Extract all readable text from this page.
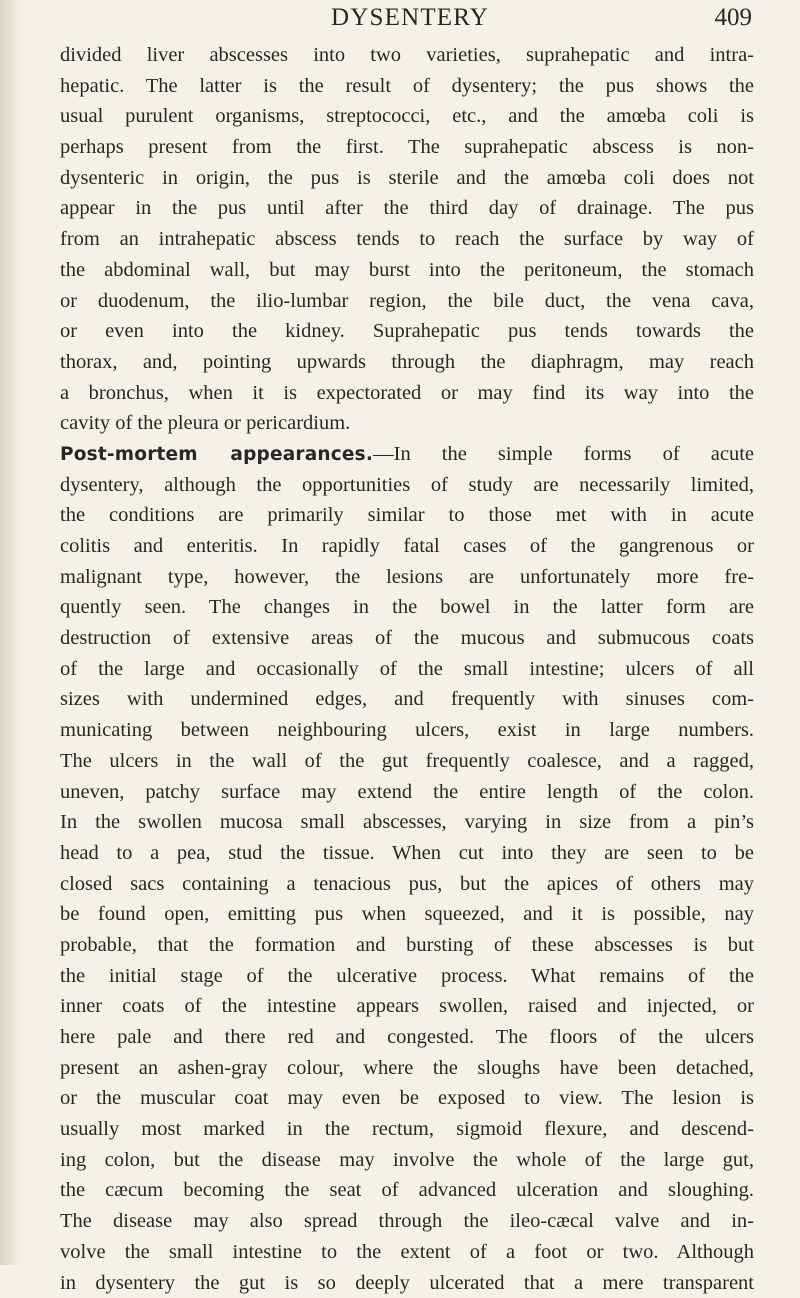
DYSENTERY	409
divided liver abscesses into two varieties, suprahepatic and intra-
hepatic. The latter is the result of dysentery; the pus shows the
usual purulent organisms, streptococci, etc., and the amœba coli is
perhaps present from the first. The suprahepatic abscess is non-
dysenteric in origin, the pus is sterile and the amœba coli does not
appear in the pus until after the third day of drainage. The pus
from an intrahepatic abscess tends to reach the surface by way of
the abdominal wall, but may burst into the peritoneum, the stomach
or duodenum, the ilio-lumbar region, the bile duct, the vena cava,
or even into the kidney. Suprahepatic pus tends towards the
thorax, and, pointing upwards through the diaphragm, may reach
a bronchus, when it is expectorated or may find its way into the
cavity of the pleura or pericardium.
Post-mortem appearances.—In the simple forms of acute
dysentery, although the opportunities of study are necessarily limited,
the conditions are primarily similar to those met with in acute
colitis and enteritis. In rapidly fatal cases of the gangrenous or
malignant type, however, the lesions are unfortunately more fre-
quently seen. The changes in the bowel in the latter form are
destruction of extensive areas of the mucous and submucous coats
of the large and occasionally of the small intestine; ulcers of all
sizes with undermined edges, and frequently with sinuses com-
municating between neighbouring ulcers, exist in large numbers.
The ulcers in the wall of the gut frequently coalesce, and a ragged,
uneven, patchy surface may extend the entire length of the colon.
In the swollen mucosa small abscesses, varying in size from a pin’s
head to a pea, stud the tissue. When cut into they are seen to be
closed sacs containing a tenacious pus, but the apices of others may
be found open, emitting pus when squeezed, and it is possible, nay
probable, that the formation and bursting of these abscesses is but
the initial stage of the ulcerative process. What remains of the
inner coats of the intestine appears swollen, raised and injected, or
here pale and there red and congested. The floors of the ulcers
present an ashen-gray colour, where the sloughs have been detached,
or the muscular coat may even be exposed to view. The lesion is
usually most marked in the rectum, sigmoid flexure, and descend-
ing colon, but the disease may involve the whole of the large gut,
the cæcum becoming the seat of advanced ulceration and sloughing.
The disease may also spread through the ileo-cæcal valve and in-
volve the small intestine to the extent of a foot or two. Although
in dysentery the gut is so deeply ulcerated that a mere transparent
